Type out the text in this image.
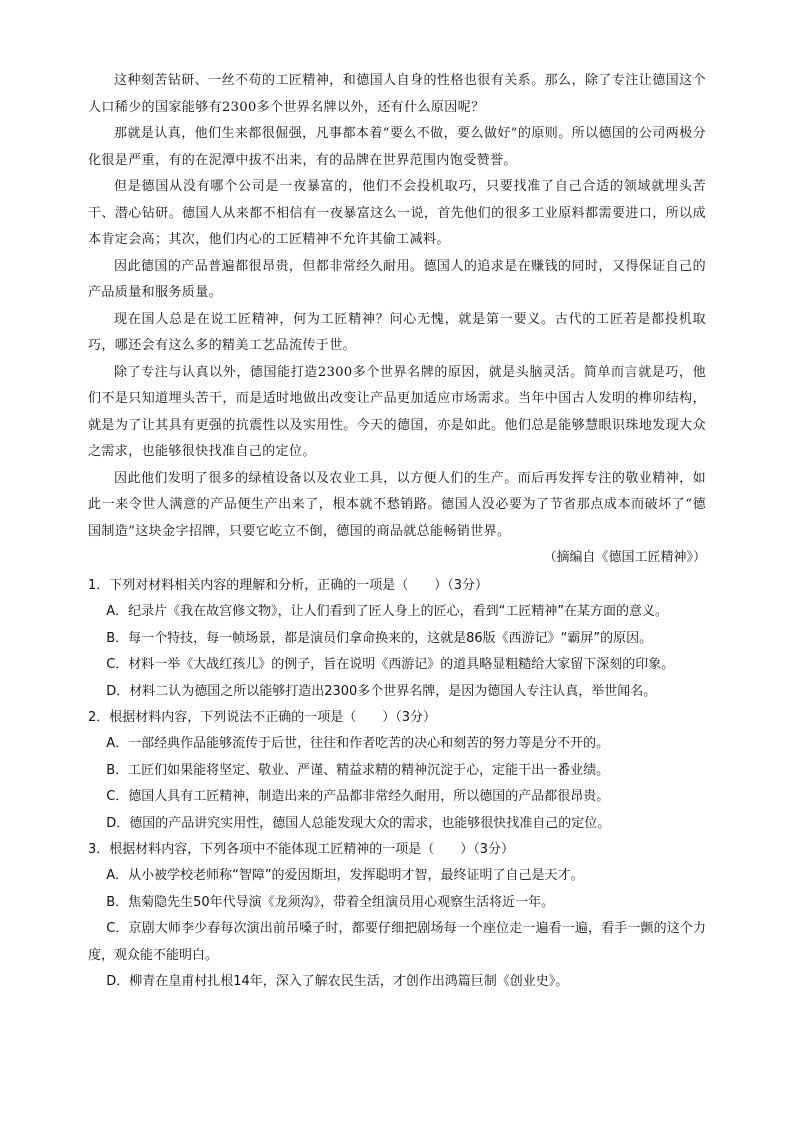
这种刻苦钻研、一丝不苟的工匠精神，和德国人自身的性格也很有关系。那么，除了专注让德国这个人口稀少的国家能够有2300多个世界名牌以外，还有什么原因呢？

那就是认真，他们生来都很倔强，凡事都本着“要么不做，要么做好”的原则。所以德国的公司两极分化很是严重，有的在泥潭中拔不出来，有的品牌在世界范围内饱受赞誉。

但是德国从没有哪个公司是一夜暴富的，他们不会投机取巧，只要找准了自己合适的领域就埋头苦干、潜心钻研。德国人从来都不相信有一夜暴富这么一说，首先他们的很多工业原料都需要进口，所以成本肯定会高；其次，他们内心的工匠精神不允许其偷工减料。

因此德国的产品普遍都很昂贵，但都非常经久耐用。德国人的追求是在赚钱的同时，又得保证自己的产品质量和服务质量。

现在国人总是在说工匠精神，何为工匠精神？问心无愧，就是第一要义。古代的工匠若是都投机取巧，哪还会有这么多的精美工艺品流传于世。

除了专注与认真以外，德国能打造2300多个世界名牌的原因，就是头脑灵活。简单而言就是巧，他们不是只知道埋头苦干，而是适时地做出改变让产品更加适应市场需求。当年中国古人发明的榫卯结构，就是为了让其具有更强的抗震性以及实用性。今天的德国，亦是如此。他们总是能够慧眼识珠地发现大众之需求，也能够很快找准自己的定位。

因此他们发明了很多的绿植设备以及农业工具，以方便人们的生产。而后再发挥专注的敬业精神，如此一来令世人满意的产品便生产出来了，根本就不愁销路。德国人没必要为了节省那点成本而破坏了“德国制造”这块金字招牌，只要它屹立不倒，德国的商品就总能畅销世界。

（摘编自《德国工匠精神》）

1．下列对材料相关内容的理解和分析，正确的一项是（　　）（3分）

A．纪录片《我在故宫修文物》，让人们看到了匠人身上的匠心，看到“工匠精神”在某方面的意义。

B．每一个特技，每一帧场景，都是演员们拿命换来的，这就是86版《西游记》“霸屏”的原因。

C．材料一举《大战红孩儿》的例子，旨在说明《西游记》的道具略显粗糙给大家留下深刻的印象。

D．材料二认为德国之所以能够打造出2300多个世界名牌，是因为德国人专注认真，举世闻名。

2．根据材料内容，下列说法不正确的一项是（　　）（3分）

A．一部经典作品能够流传于后世，往往和作者吃苦的决心和刻苦的努力等是分不开的。

B．工匠们如果能将坚定、敬业、严谨、精益求精的精神沉淀于心，定能干出一番业绩。

C．德国人具有工匠精神，制造出来的产品都非常经久耐用，所以德国的产品都很昂贵。

D．德国的产品讲究实用性，德国人总能发现大众的需求，也能够很快找准自己的定位。

3．根据材料内容，下列各项中不能体现工匠精神的一项是（　　）（3分）

A．从小被学校老师称“智障”的爱因斯坦，发挥聪明才智，最终证明了自己是天才。

B．焦菊隐先生50年代导演《龙须沟》，带着全组演员用心观察生活将近一年。

C．京剧大师李少春每次演出前吊嗓子时，都要仔细把剧场每一个座位走一遍看一遍，看手一颤的这个力度，观众能不能明白。

D．柳青在皇甫村扎根14年，深入了解农民生活，才创作出鸿篇巨制《创业史》。
